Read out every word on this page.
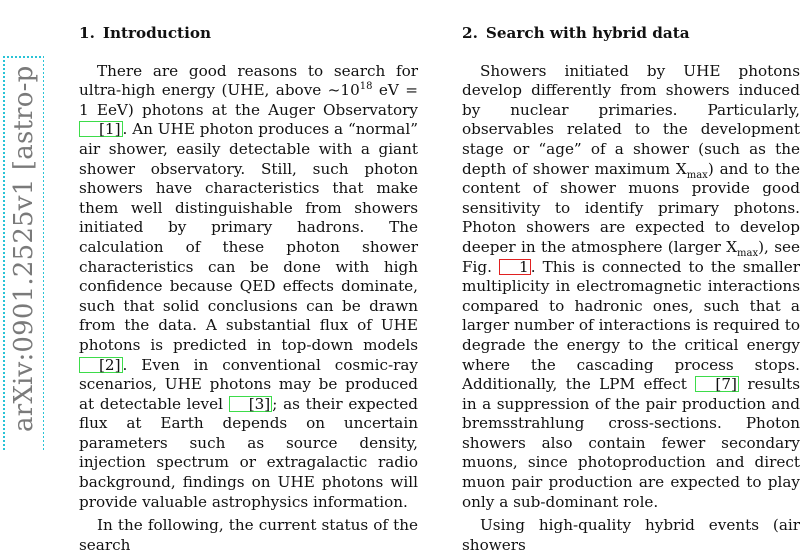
arXiv:0901.2525v1 [astro-p
1. Introduction

There are good reasons to search for ultra-high energy (UHE, above $\sim 10^{18}$ eV = 1 EeV) photons at the Auger Observatory [1] . An UHE photon produces a “normal” air shower, easily detectable with a giant shower observatory. Still, such photon showers have characteristics that make them well distinguishable from showers initiated by primary hadrons. The calculation of these photon shower characteristics can be done with high confidence because QED effects dominate, such that solid conclusions can be drawn from the data. A substantial flux of UHE photons is predicted in top-down models [2] . Even in conventional cosmic-ray scenarios, UHE photons may be produced at detectable level [3] ; as their expected flux at Earth depends on uncertain parameters such as source density, injection spectrum or extragalactic radio background, findings on UHE photons will provide valuable astrophysics information.

In the following, the current status of the search

2. Search with hybrid data

Showers initiated by UHE photons develop differently from showers induced by nuclear primaries. Particularly, observables related to the development stage or “age” of a shower (such as the depth of shower maximum $X_{max}$) and to the content of shower muons provide good sensitivity to identify primary photons. Photon showers are expected to develop deeper in the atmosphere (larger $X_{max}$), see Fig. 1 . This is connected to the smaller multiplicity in electromagnetic interactions compared to hadronic ones, such that a larger number of interactions is required to degrade the energy to the critical energy where the cascading process stops. Additionally, the LPM effect [7] results in a suppression of the pair production and bremsstrahlung cross-sections. Photon showers also contain fewer secondary muons, since photoproduction and direct muon pair production are expected to play only a sub-dominant role.

Using high-quality hybrid events (air showers
